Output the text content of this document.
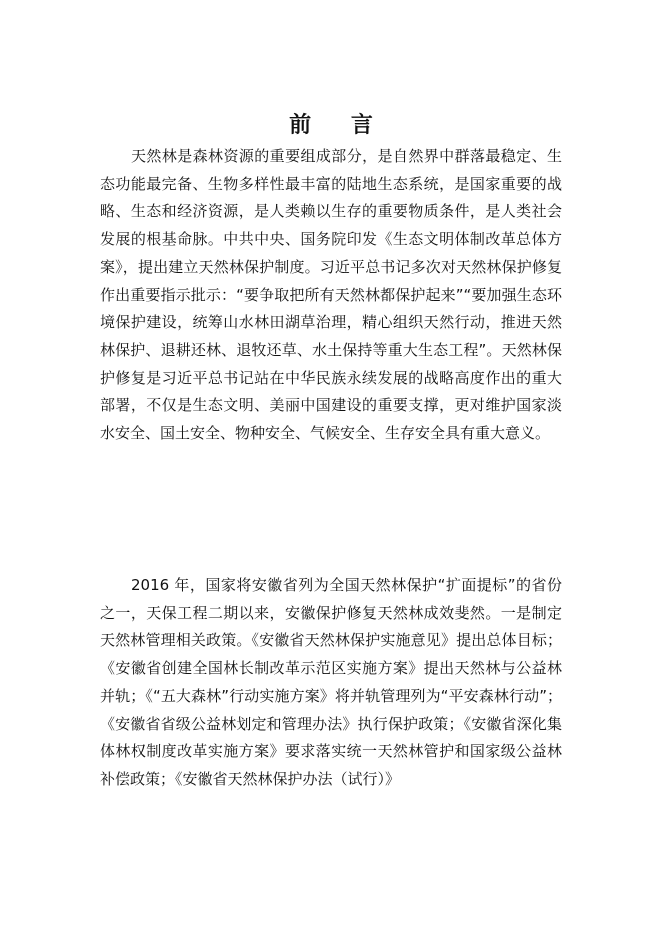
前 言

天然林是森林资源的重要组成部分，是自然界中群落最稳定、生态功能最完备、生物多样性最丰富的陆地生态系统，是国家重要的战略、生态和经济资源，是人类赖以生存的重要物质条件，是人类社会发展的根基命脉。中共中央、国务院印发《生态文明体制改革总体方案》，提出建立天然林保护制度。习近平总书记多次对天然林保护修复作出重要指示批示：“要争取把所有天然林都保护起来”“要加强生态环境保护建设，统筹山水林田湖草治理，精心组织天然行动，推进天然林保护、退耕还林、退牧还草、水土保持等重大生态工程”。天然林保护修复是习近平总书记站在中华民族永续发展的战略高度作出的重大部署，不仅是生态文明、美丽中国建设的重要支撑，更对维护国家淡水安全、国土安全、物种安全、气候安全、生存安全具有重大意义。

2016 年，国家将安徽省列为全国天然林保护“扩面提标”的省份之一，天保工程二期以来，安徽保护修复天然林成效斐然。一是制定天然林管理相关政策。《安徽省天然林保护实施意见》提出总体目标；《安徽省创建全国林长制改革示范区实施方案》提出天然林与公益林并轨；《“五大森林”行动实施方案》将并轨管理列为“平安森林行动”；《安徽省省级公益林划定和管理办法》执行保护政策；《安徽省深化集体林权制度改革实施方案》要求落实统一天然林管护和国家级公益林补偿政策；《安徽省天然林保护办法（试行）》
